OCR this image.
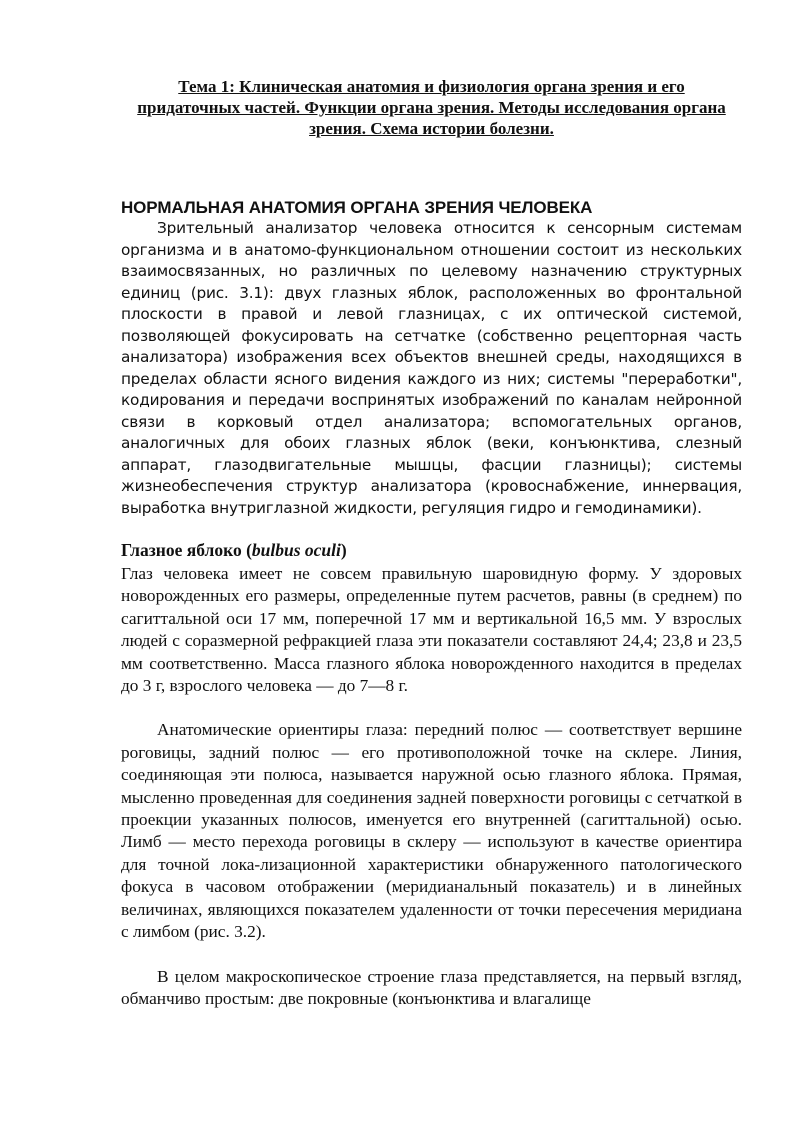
Тема 1: Клиническая анатомия и физиология органа зрения и его придаточных частей. Функции органа зрения. Методы исследования органа зрения. Схема истории болезни.

НОРМАЛЬНАЯ АНАТОМИЯ ОРГАНА ЗРЕНИЯ ЧЕЛОВЕКА

Зрительный анализатор человека относится к сенсорным системам организма и в анатомо-функциональном отношении состоит из нескольких взаимосвязанных, но различных по целевому назначению структурных единиц (рис. 3.1): двух глазных яблок, расположенных во фронтальной плоскости в правой и левой глазницах, с их оптической системой, позволяющей фокусировать на сетчатке (собственно рецепторная часть анализатора) изображения всех объектов внешней среды, находящихся в пределах области ясного видения каждого из них; системы "переработки", кодирования и передачи воспринятых изображений по каналам нейронной связи в корковый отдел анализатора; вспомогательных органов, аналогичных для обоих глазных яблок (веки, конъюнктива, слезный аппарат, глазодвигательные мышцы, фасции глазницы); системы жизнеобеспечения структур анализатора (кровоснабжение, иннервация, выработка внутриглазной жидкости, регуляция гидро и гемодинамики).

Глазное яблоко (bulbus oculi)

Глаз человека имеет не совсем правильную шаровидную форму. У здоровых новорожденных его размеры, определенные путем расчетов, равны (в среднем) по сагиттальной оси 17 мм, поперечной 17 мм и вертикальной 16,5 мм. У взрослых людей с соразмерной рефракцией глаза эти показатели составляют 24,4; 23,8 и 23,5 мм соответственно. Масса глазного яблока новорожденного находится в пределах до 3 г, взрослого человека — до 7—8 г.

Анатомические ориентиры глаза: передний полюс — соответствует вершине роговицы, задний полюс — его противоположной точке на склере. Линия, соединяющая эти полюса, называется наружной осью глазного яблока. Прямая, мысленно проведенная для соединения задней поверхности роговицы с сетчаткой в проекции указанных полюсов, именуется его внутренней (сагиттальной) осью. Лимб — место перехода роговицы в склеру — используют в качестве ориентира для точной лока-лизационной характеристики обнаруженного патологического фокуса в часовом отображении (меридианальный показатель) и в линейных величинах, являющихся показателем удаленности от точки пересечения меридиана с лимбом (рис. 3.2).

В целом макроскопическое строение глаза представляется, на первый взгляд, обманчиво простым: две покровные (конъюнктива и влагалище
